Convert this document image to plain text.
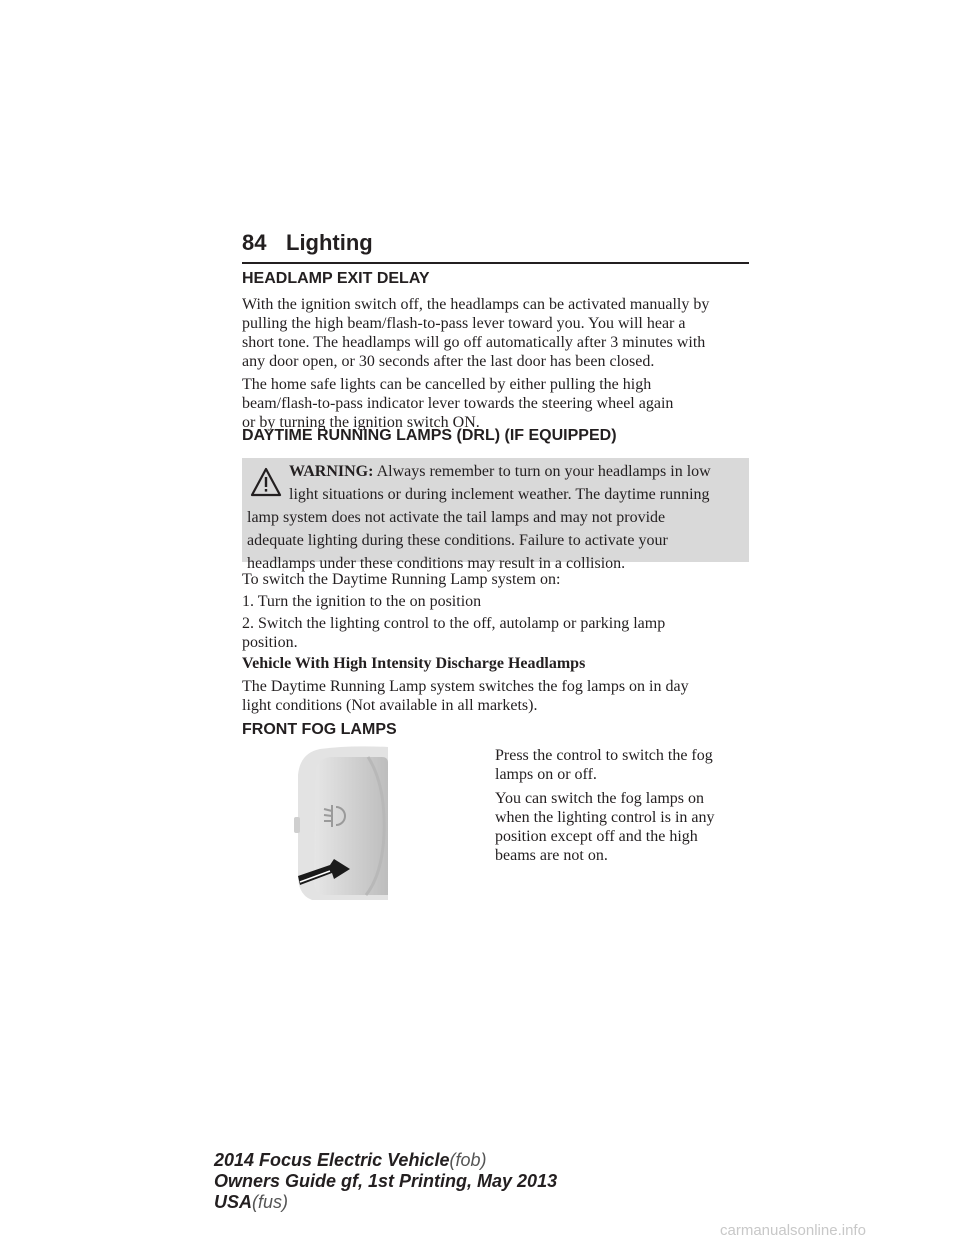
84 Lighting
HEADLAMP EXIT DELAY

With the ignition switch off, the headlamps can be activated manually by
pulling the high beam/flash-to-pass lever toward you. You will hear a
short tone. The headlamps will go off automatically after 3 minutes with
any door open, or 30 seconds after the last door has been closed.

The home safe lights can be cancelled by either pulling the high
beam/flash-to-pass indicator lever towards the steering wheel again
or by turning the ignition switch ON.

DAYTIME RUNNING LAMPS (DRL) (IF EQUIPPED)
WARNING: Always remember to turn on your headlamps in low
light situations or during inclement weather. The daytime running
lamp system does not activate the tail lamps and may not provide
adequate lighting during these conditions. Failure to activate your
headlamps under these conditions may result in a collision.

To switch the Daytime Running Lamp system on:

1. Turn the ignition to the on position

2. Switch the lighting control to the off, autolamp or parking lamp
position.

Vehicle With High Intensity Discharge Headlamps

The Daytime Running Lamp system switches the fog lamps on in day
light conditions (Not available in all markets).

FRONT FOG LAMPS

Press the control to switch the fog
lamps on or off.

You can switch the fog lamps on
when the lighting control is in any
position except off and the high
beams are not on.

2014 Focus Electric Vehicle(fob)
Owners Guide gf, 1st Printing, May 2013
USA(fus)
carmanualsonline.info
